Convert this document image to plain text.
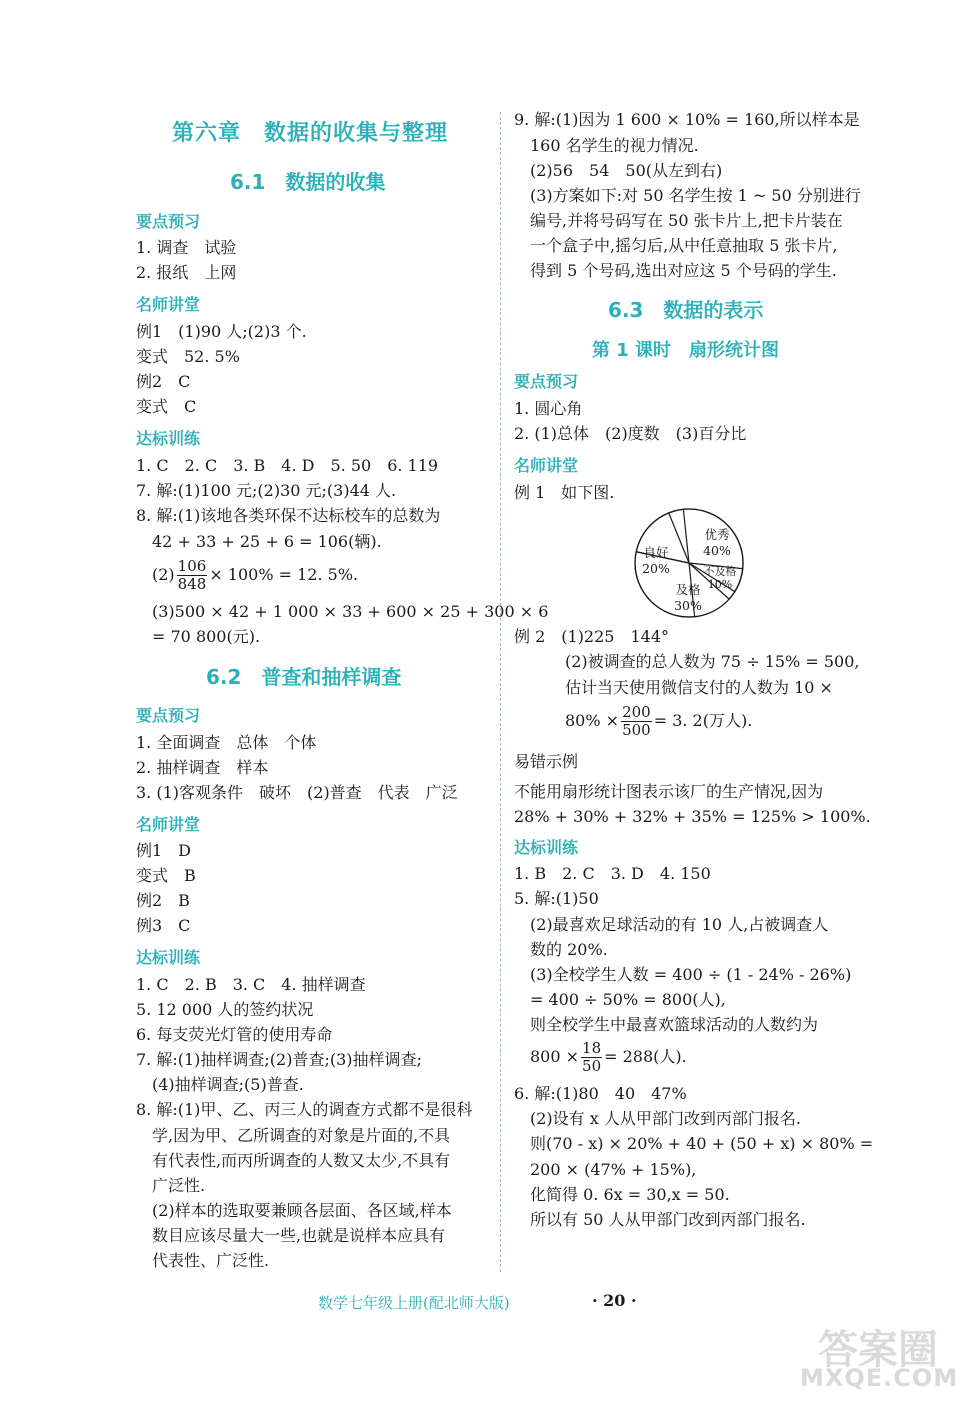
第六章　数据的收集与整理
6.1　数据的收集
要点预习
1. 调查　试验
2. 报纸　上网
名师讲堂
例1　(1)90 人;(2)3 个.
变式　52. 5%
例2　C
变式　C
达标训练
1. C　2. C　3. B　4. D　5. 50　6. 119
7. 解:(1)100 元;(2)30 元;(3)44 人.
8. 解:(1)该地各类环保不达标校车的总数为
42 + 33 + 25 + 6 = 106(辆).
$(2) \frac{106}{848} \times 100\% = 12$. 5%.
(3)500 × 42 + 1 000 × 33 + 600 × 25 + 300 × 6
= 70 800(元).
6.2　普查和抽样调查
要点预习
1. 全面调查　总体　个体
2. 抽样调查　样本
3. (1)客观条件　破坏　(2)普查　代表　广泛
名师讲堂
例1　D
变式　B
例2　B
例3　C
达标训练
1. C　2. B　3. C　4. 抽样调查
5. 12 000 人的签约状况
6. 每支荧光灯管的使用寿命
7. 解:(1)抽样调查;(2)普查;(3)抽样调查;
(4)抽样调查;(5)普查.
8. 解:(1)甲、乙、丙三人的调查方式都不是很科
学,因为甲、乙所调查的对象是片面的,不具
有代表性,而丙所调查的人数又太少,不具有
广泛性.
(2)样本的选取要兼顾各层面、各区域,样本
数目应该尽量大一些,也就是说样本应具有
代表性、广泛性.
9. 解:(1)因为 1 600 × 10% = 160,所以样本是
160 名学生的视力情况.
(2)56　54　50(从左到右)
(3)方案如下:对 50 名学生按 1 ~ 50 分别进行
编号,并将号码写在 50 张卡片上,把卡片装在
一个盒子中,摇匀后,从中任意抽取 5 张卡片,
得到 5 个号码,选出对应这 5 个号码的学生.
6.3　数据的表示
第 1 课时　扇形统计图
要点预习
1. 圆心角
2. (1)总体　(2)度数　(3)百分比
名师讲堂
例 1　如下图.
优秀
40%
良好
20%
及格
30%
不及格
10%
例 2　(1)225　144°
(2)被调查的总人数为 75 ÷ 15% = 500,
估计当天使用微信支付的人数为 10 ×
$80\% \times \frac{200}{500} = 3$. 2(万人).
易错示例
不能用扇形统计图表示该厂的生产情况,因为
28% + 30% + 32% + 35% = 125% > 100%.
达标训练
1. B　2. C　3. D　4. 150
5. 解:(1)50
(2)最喜欢足球活动的有 10 人,占被调查人
数的 20%.
(3)全校学生人数 = 400 ÷ (1 - 24% - 26%)
= 400 ÷ 50% = 800(人),
则全校学生中最喜欢篮球活动的人数约为
$800 \times \frac{18}{50} = 288$(人).
6. 解:(1)80　40　47%
(2)设有 x 人从甲部门改到丙部门报名.
则(70 - x) × 20% + 40 + (50 + x) × 80% =
200 × (47% + 15%),
化简得 0. 6x = 30,x = 50.
所以有 50 人从甲部门改到丙部门报名.
数学七年级上册(配北师大版)	· 20 ·
答案圈
MXQE.COM
